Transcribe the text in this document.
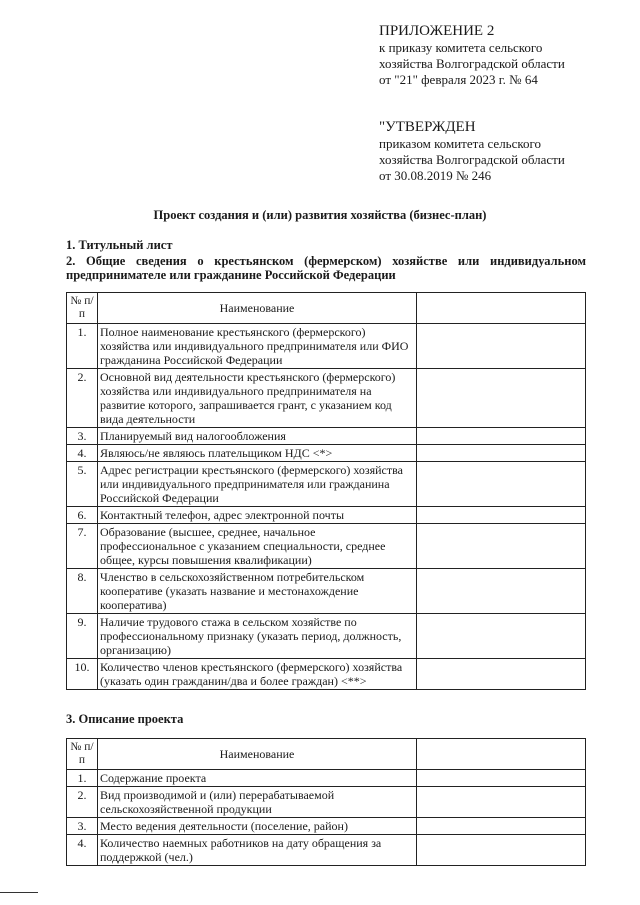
ПРИЛОЖЕНИЕ 2
к приказу комитета сельского
хозяйства Волгоградской области
от "21" февраля 2023 г. № 64
"УТВЕРЖДЕН
приказом комитета сельского
хозяйства Волгоградской области
от 30.08.2019 № 246
Проект создания и (или) развития хозяйства (бизнес-план)
1. Титульный лист
2. Общие сведения о крестьянском (фермерском) хозяйстве или индивидуальном предпринимателе или гражданине Российской Федерации
№ п/п	Наименование	
1.	Полное наименование крестьянского (фермерского) хозяйства или индивидуального предпринимателя или ФИО гражданина Российской Федерации	
2.	Основной вид деятельности крестьянского (фермерского) хозяйства или индивидуального предпринимателя на развитие которого, запрашивается грант, с указанием код вида деятельности	
3.	Планируемый вид налогообложения	
4.	Являюсь/не являюсь плательщиком НДС <*>	
5.	Адрес регистрации крестьянского (фермерского) хозяйства или индивидуального предпринимателя или гражданина Российской Федерации	
6.	Контактный телефон, адрес электронной почты	
7.	Образование (высшее, среднее, начальное профессиональное с указанием специальности, среднее общее, курсы повышения квалификации)	
8.	Членство в сельскохозяйственном потребительском кооперативе (указать название и местонахождение кооператива)	
9.	Наличие трудового стажа в сельском хозяйстве по профессиональному признаку (указать период, должность, организацию)	
10.	Количество членов крестьянского (фермерского) хозяйства (указать один гражданин/два и более граждан) <**>	
3. Описание проекта
№ п/п	Наименование	
1.	Содержание проекта	
2.	Вид производимой и (или) перерабатываемой сельскохозяйственной продукции	
3.	Место ведения деятельности (поселение, район)	
4.	Количество наемных работников на дату обращения за поддержкой (чел.)	
